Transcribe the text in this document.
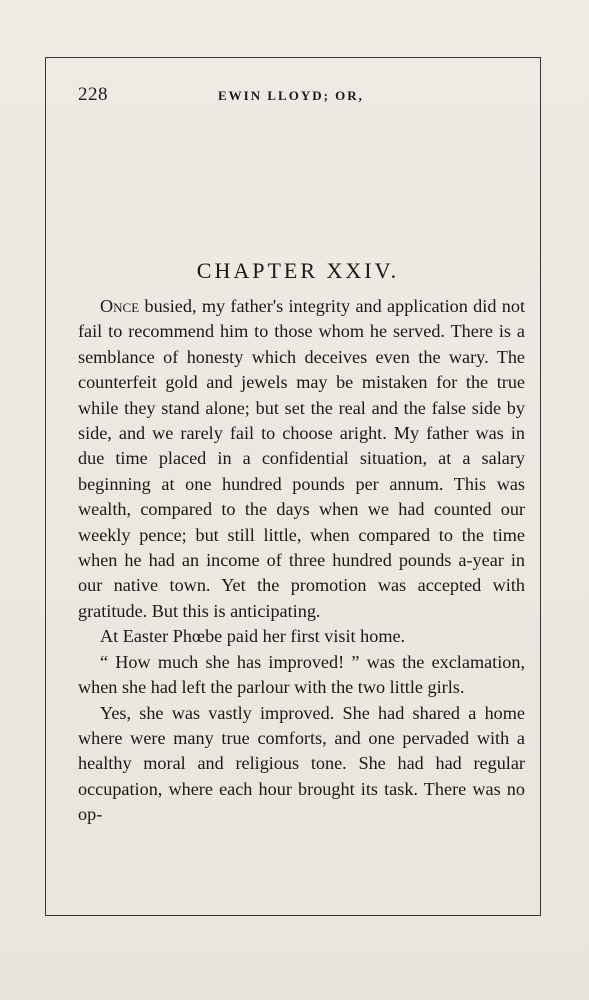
228	EWIN LLOYD; OR,
CHAPTER XXIV.

Once busied, my father's integrity and application did not fail to recommend him to those whom he served. There is a semblance of honesty which deceives even the wary. The counterfeit gold and jewels may be mistaken for the true while they stand alone; but set the real and the false side by side, and we rarely fail to choose aright. My father was in due time placed in a confidential situation, at a salary beginning at one hundred pounds per annum. This was wealth, compared to the days when we had counted our weekly pence; but still little, when compared to the time when he had an income of three hundred pounds a-year in our native town. Yet the promotion was accepted with gratitude. But this is anticipating.

At Easter Phœbe paid her first visit home.

“ How much she has improved! ” was the exclamation, when she had left the parlour with the two little girls.

Yes, she was vastly improved. She had shared a home where were many true comforts, and one pervaded with a healthy moral and religious tone. She had had regular occupation, where each hour brought its task. There was no op-
